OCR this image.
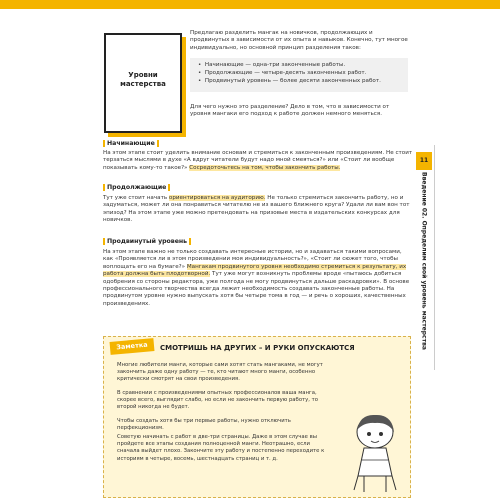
11
Введение 02. Определим свой уровень мастерства
Уровни мастерства
Предлагаю разделить мангак на новичков, продолжающих и продвинутых в зависимости от их опыта и навыков. Конечно, тут многое индивидуально, но основной принцип разделения таков:
•  Начинающие — одна-три законченные работы.
•  Продолжающие — четыре-десять законченных работ.
•  Продвинутый уровень — более десяти законченных работ.
Для чего нужно это разделение? Дело в том, что в зависимости от уровня мангаки его подход к работе должен немного меняться.
Начинающие
На этом этапе стоит уделить внимание основам и стремиться к законченным произведениям. Не стоит терзаться мыслями в духе «А вдруг читатели будут надо мной смеяться?» или «Стоит ли вообще показывать кому-то такое?» Сосредоточьтесь на том, чтобы закончить работы.
Продолжающие
Тут уже стоит начать ориентироваться на аудиторию. Не только стремиться закончить работу, но и задуматься, может ли она понравиться читателю не из вашего ближнего круга? Удали ли вам вон тот эпизод? На этом этапе уже можно претендовать на призовые места в издательских конкурсах для новичков.
Продвинутый уровень
На этом этапе важно не только создавать интересные истории, но и задаваться такими вопросами, как «Проявляется ли в этом произведении моя индивидуальность?», «Стоит ли сюжет того, чтобы воплощать его на бумаге?» Мангакам продвинутого уровня необходимо стремиться к результату, их работа должна быть плодотворной. Тут уже могут возникнуть проблемы вроде «пытаюсь добиться одобрения со стороны редактора, уже полгода не могу продвинуться дальше раскадровки». В основе профессионального творчества всегда лежит необходимость создавать законченные работы. На продвинутом уровне нужно выпускать хотя бы четыре тома в год — и речь о хороших, качественных произведениях.
Заметка	СМОТРИШЬ НА ДРУГИХ – И РУКИ ОПУСКАЮТСЯ
Многие любители манги, которые сами хотят стать мангаками, не могут закончить даже одну работу — те, кто читают много манги, особенно критически смотрят на свои произведения.
В сравнении с произведениями опытных профессионалов ваша манга, скорее всего, выглядит слабо, но если не закончить первую работу, то второй никогда не будет.
Чтобы создать хотя бы три первые работы, нужно отключить перфекционизм.
Советую начинать с работ в две-три страницы. Даже в этом случае вы пройдете все этапы создания полноценной манги. Неотрашно, если сначала выйдет плохо. Закончите эту работу и постепенно переходите к историям в четыре, восемь, шестнадцать страниц и т. д.
